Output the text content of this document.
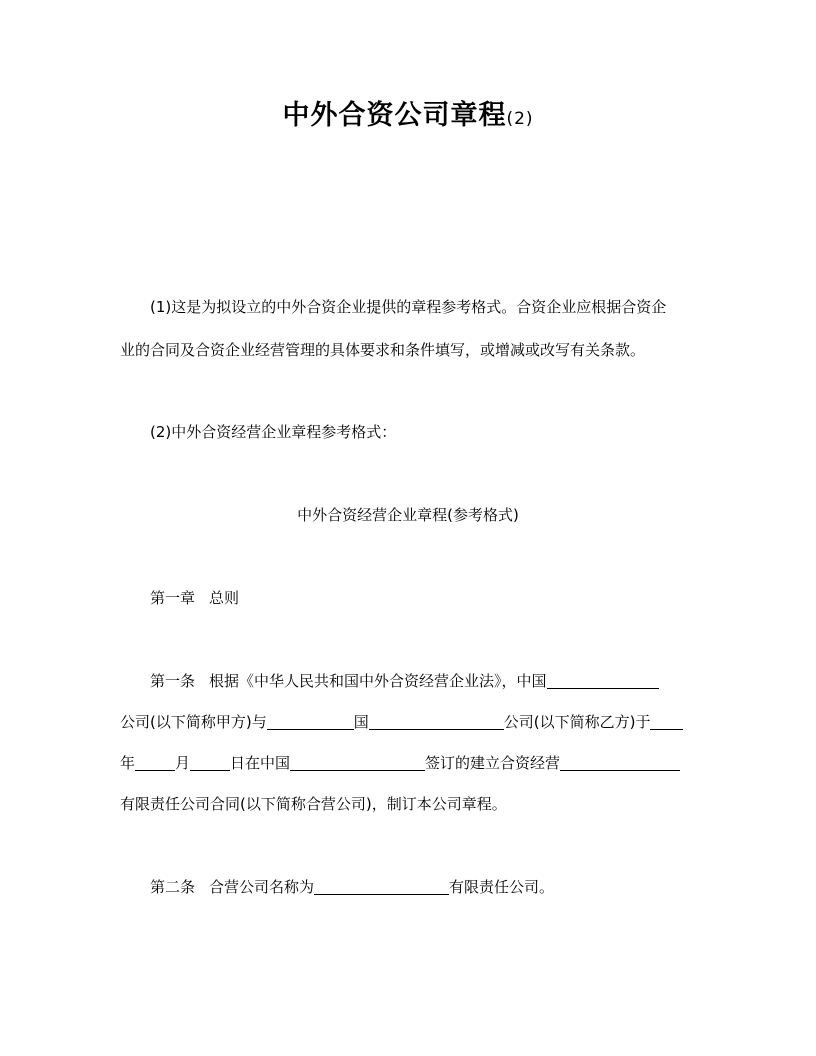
中外合资公司章程(2)
(1)这是为拟设立的中外合资企业提供的章程参考格式。合资企业应根据合资企
业的合同及合资企业经营管理的具体要求和条件填写，或增减或改写有关条款。
(2)中外合资经营企业章程参考格式：
中外合资经营企业章程(参考格式)
第一章 总则
第一条 根据《中华人民共和国中外合资经营企业法》，中国
公司(以下简称甲方)与	国	公司(以下简称乙方)于
年	月	日在中国	签订的建立合资经营
有限责任公司合同(以下简称合营公司)，制订本公司章程。
第二条 合营公司名称为	有限责任公司。
